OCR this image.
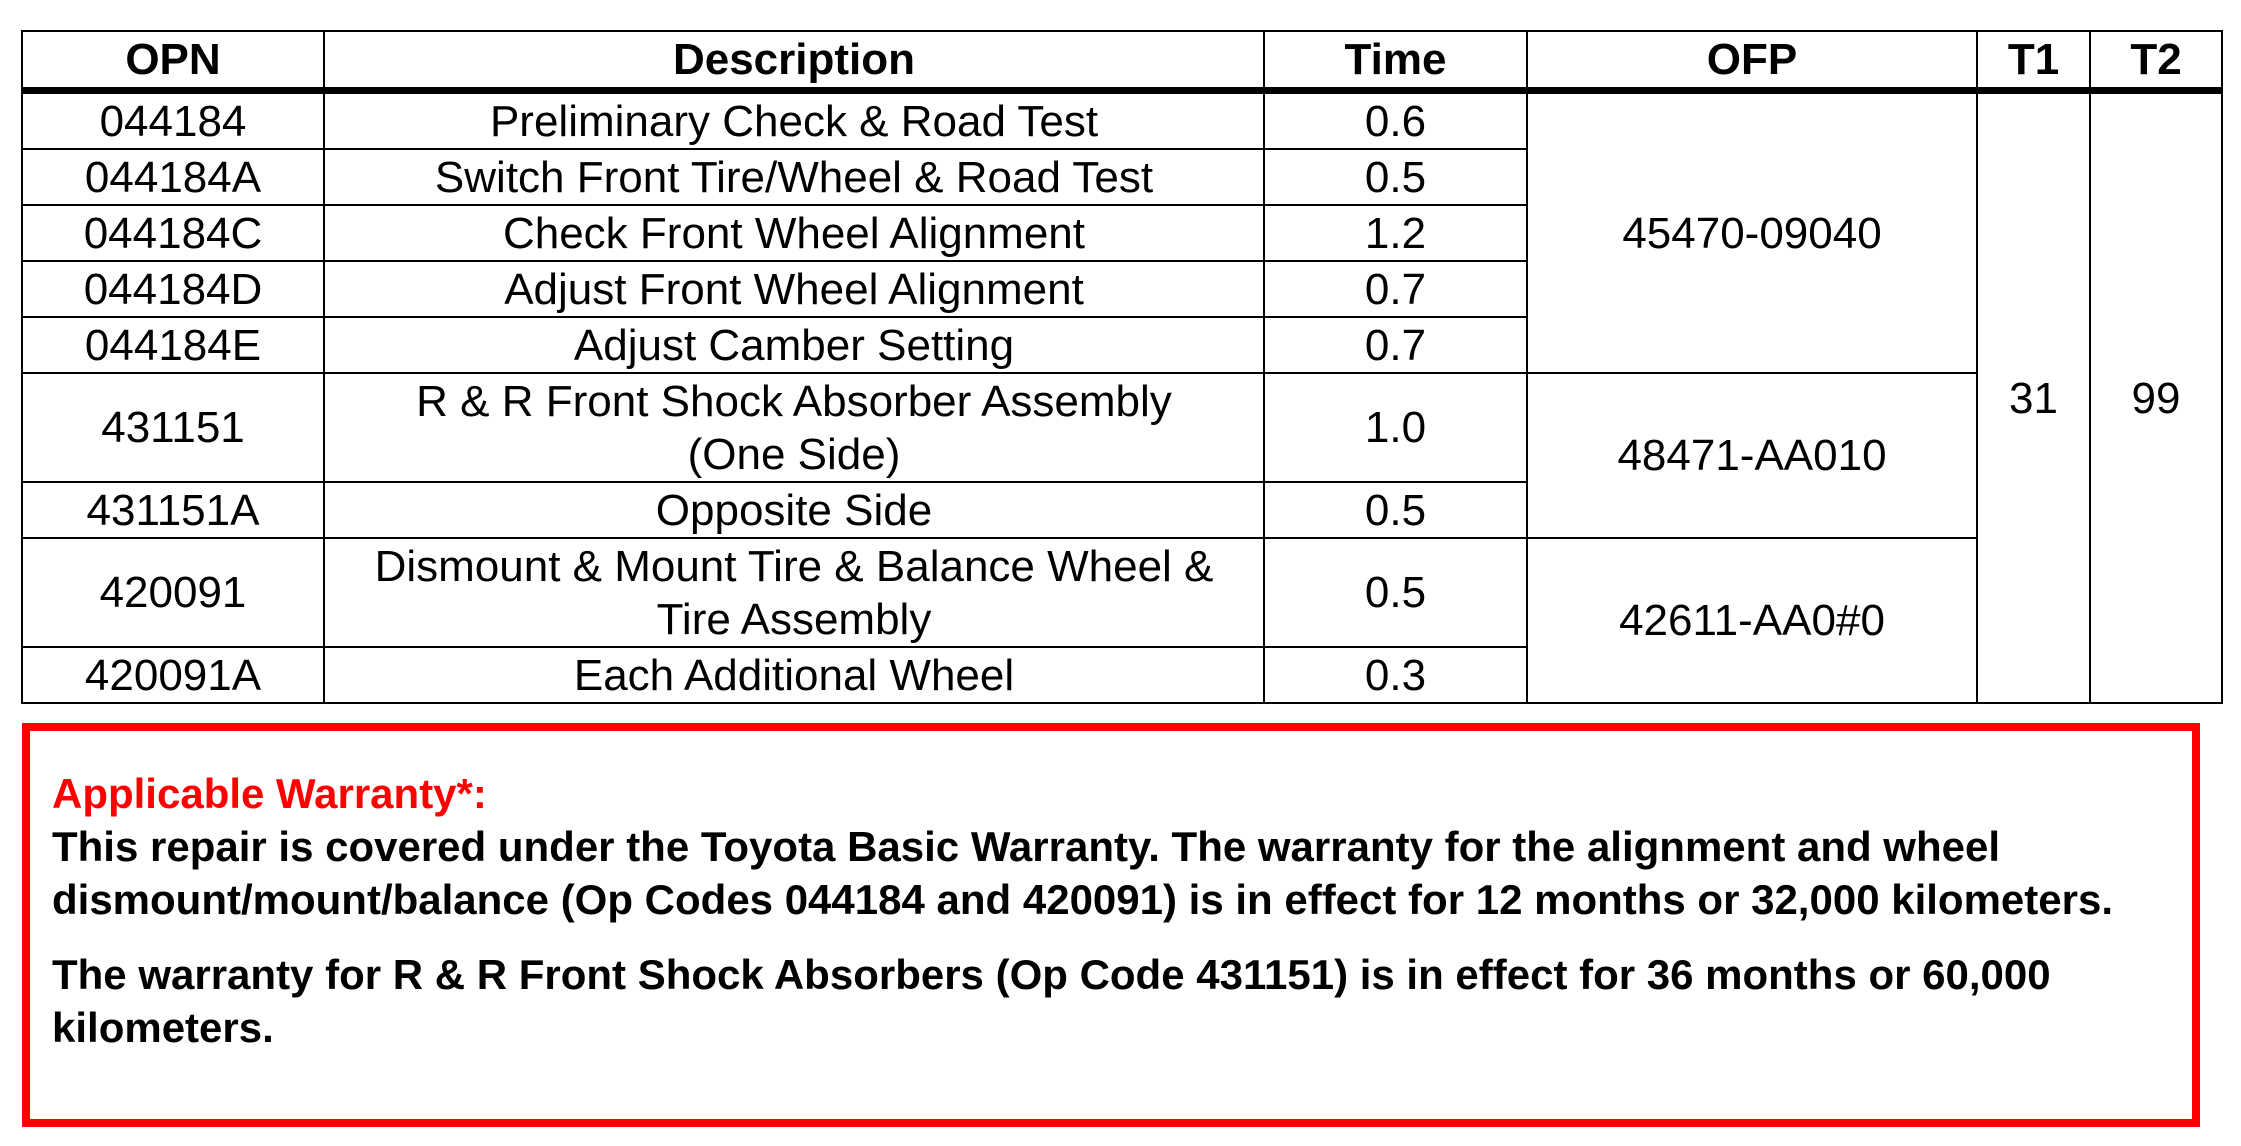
OPN	Description	Time	OFP	T1	T2
044184	Preliminary Check & Road Test	0.6	45470-09040	31	99
044184A	Switch Front Tire/Wheel & Road Test	0.5			
044184C	Check Front Wheel Alignment	1.2			
044184D	Adjust Front Wheel Alignment	0.7			
044184E	Adjust Camber Setting	0.7			
431151	R & R Front Shock Absorber Assembly
(One Side)	1.0	48471-AA010		
431151A	Opposite Side	0.5			
420091	Dismount & Mount Tire & Balance Wheel &
Tire Assembly	0.5	42611-AA0#0		
420091A	Each Additional Wheel	0.3			

Applicable Warranty*:

This repair is covered under the Toyota Basic Warranty. The warranty for the alignment and wheel dismount/mount/balance (Op Codes 044184 and 420091) is in effect for 12 months or 32,000 kilometers.

The warranty for R & R Front Shock Absorbers (Op Code 431151) is in effect for 36 months or 60,000 kilometers.
